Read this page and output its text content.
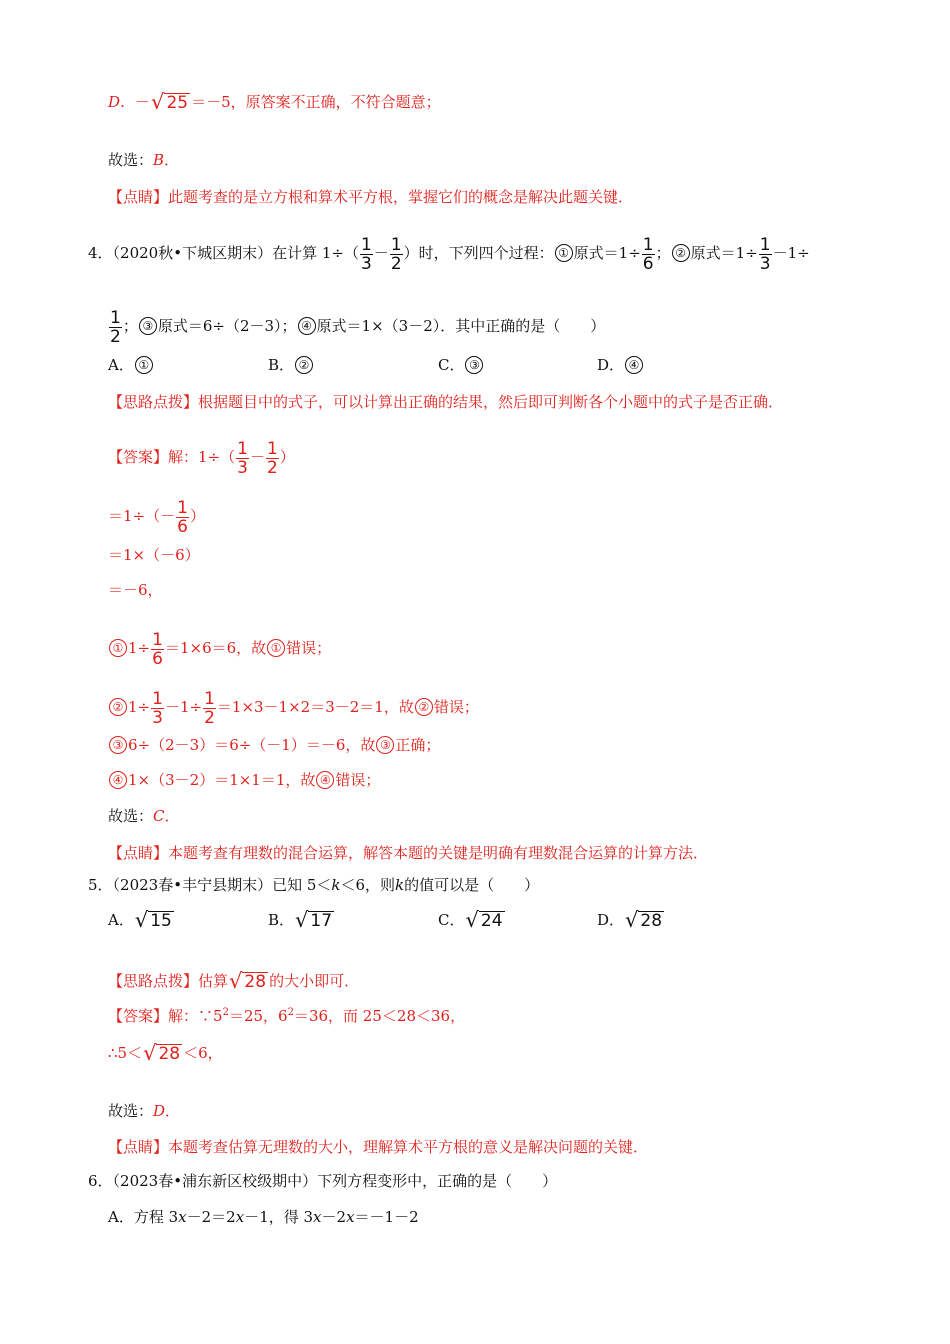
D．－ √ 25 ＝－5，原答案不正确，不符合题意；
故选：B．
【点睛】此题考查的是立方根和算术平方根，掌握它们的概念是解决此题关键．
4．（2020秋•下城区期末）在计算 $1\div( \frac{1}{3} - \frac{1}{2}$ ）时，下列四个过程： ① 原式$=1\div \frac{1}{6}$ ； ② 原式$=1\div \frac{1}{3} -1\div$
$\frac{1}{2}$ ； ③ 原式＝6÷（2－3）； ④ 原式＝1×（3－2）．其中正确的是（　　）
A． ①	B． ②	C． ③	D． ④
【思路点拨】根据题目中的式子，可以计算出正确的结果，然后即可判断各个小题中的式子是否正确．
【答案】解：$1\div( \frac{1}{3} - \frac{1}{2}$ ）
$=1\div(- \frac{1}{6}$ ）
＝1×（－6）
＝－6，
① $1\div \frac{1}{6} =1\times 6=6$，故 ① 错误；
② $1\div \frac{1}{3} -1\div \frac{1}{2} =1\times 3-1\times 2=3-2=1$，故 ② 错误；
③ 6÷（2－3）＝6÷（－1）＝－6，故 ③ 正确；
④ 1×（3－2）＝1×1＝1，故 ④ 错误；
故选：C．
【点睛】本题考查有理数的混合运算，解答本题的关键是明确有理数混合运算的计算方法．
5．（2023春•丰宁县期末）已知 5＜k＜6，则k的值可以是（　　）
A． √ 15	B． √ 17	C． √ 24	D． √ 28
【思路点拨】估算 √ 28 的大小即可．
【答案】解：$\because 5^2=25$，$6^2=36$，而 25＜28＜36，
∴5＜ √ 28 ＜6，
故选：D．
【点睛】本题考查估算无理数的大小，理解算术平方根的意义是解决问题的关键．
6．（2023春•浦东新区校级期中）下列方程变形中，正确的是（　　）
A．方程 3x－2＝2x－1，得 3x－2x＝－1－2
